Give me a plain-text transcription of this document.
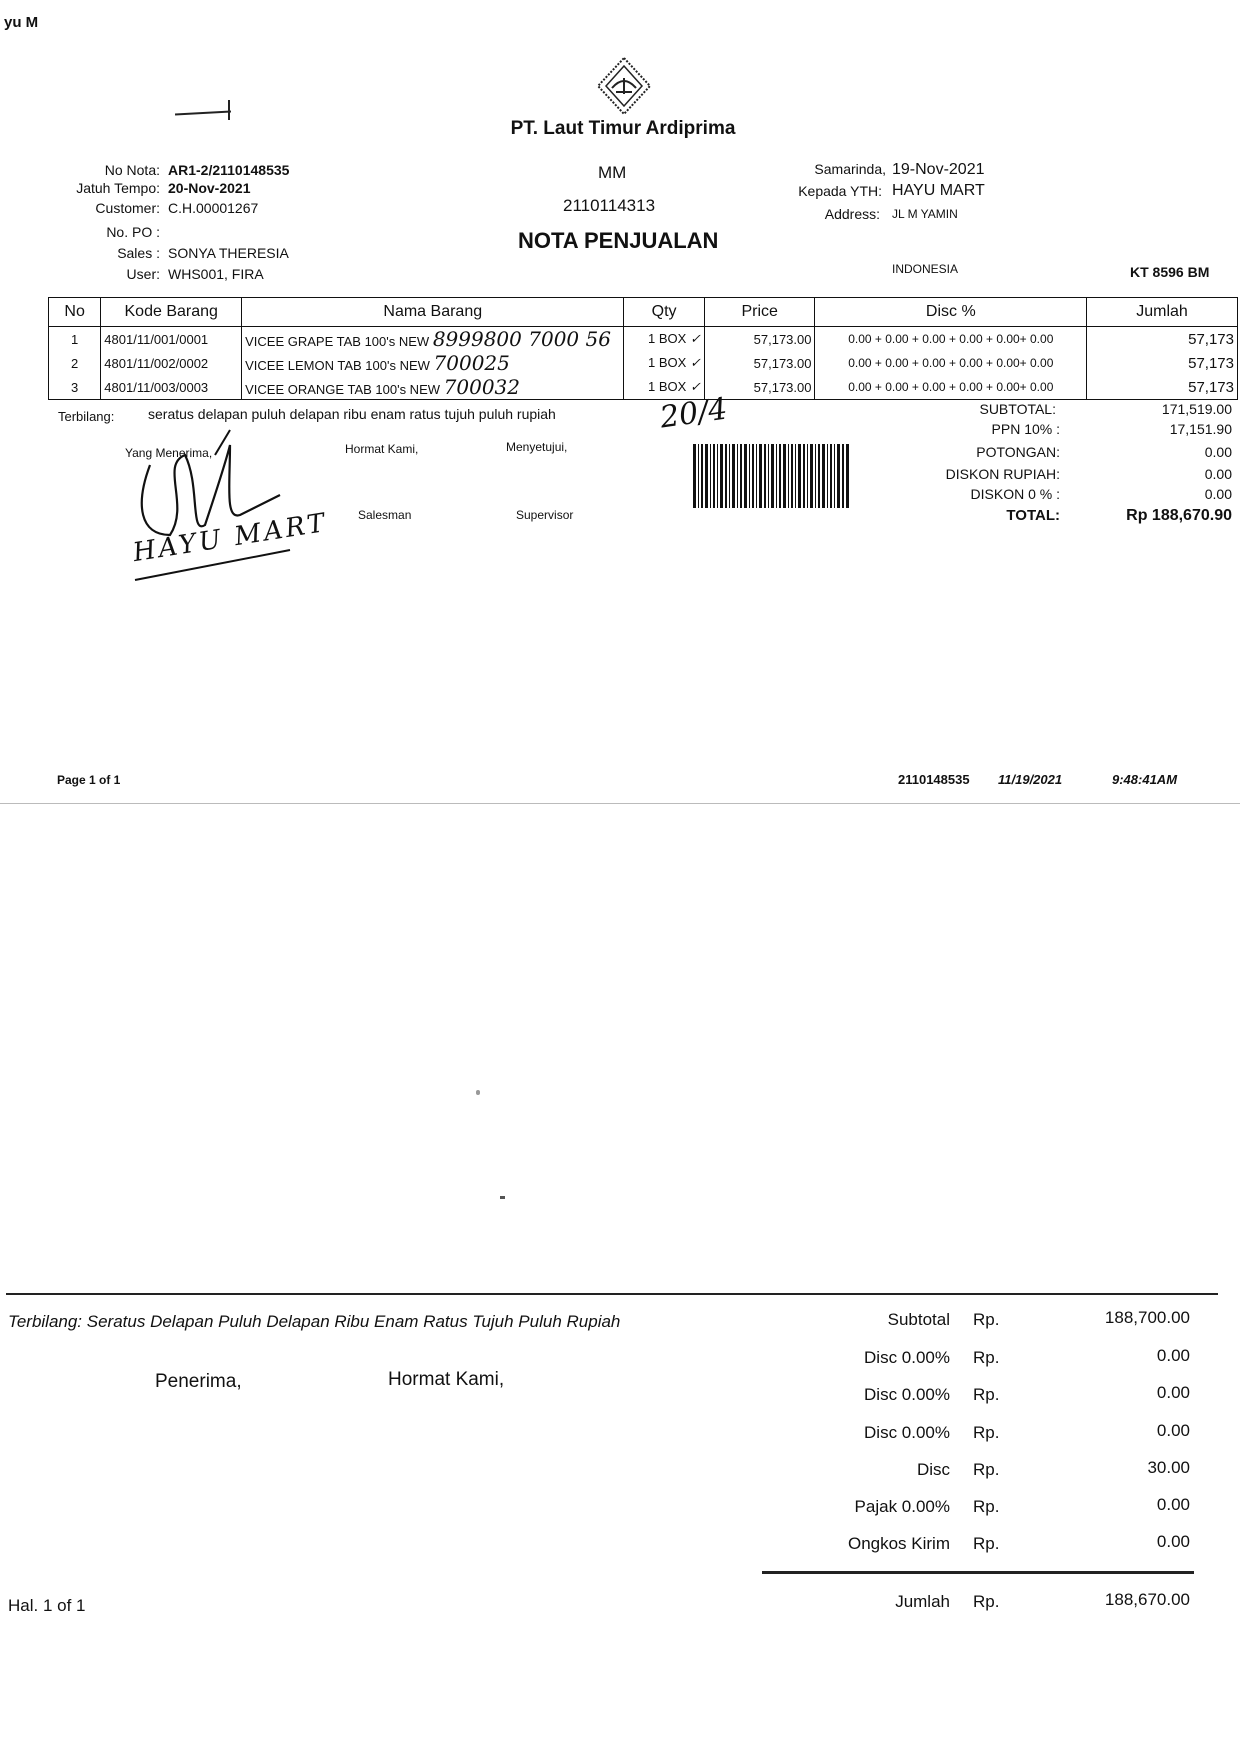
yu M
PT. Laut Timur Ardiprima
MM
2110114313
NOTA PENJUALAN
No Nota: AR1-2/2110148535
Jatuh Tempo: 20-Nov-2021
Customer: C.H.00001267
No. PO :
Sales : SONYA THERESIA
User: WHS001, FIRA
Samarinda, 19-Nov-2021
Kepada YTH: HAYU MART
Address: JL M YAMIN
INDONESIA	KT 8596 BM
No	Kode Barang	Nama Barang	Qty	Price	Disc %	Jumlah
1	4801/11/001/0001	VICEE GRAPE TAB 100's NEW 8999800 7000 56	1 BOX ✓	57,173.00	0.00 + 0.00 + 0.00 + 0.00 + 0.00+ 0.00	57,173
2	4801/11/002/0002	VICEE LEMON TAB 100's NEW 700025	1 BOX ✓	57,173.00	0.00 + 0.00 + 0.00 + 0.00 + 0.00+ 0.00	57,173
3	4801/11/003/0003	VICEE ORANGE TAB 100's NEW 700032	1 BOX ✓	57,173.00	0.00 + 0.00 + 0.00 + 0.00 + 0.00+ 0.00	57,173
Terbilang: seratus delapan puluh delapan ribu enam ratus tujuh puluh rupiah	20/4
Yang Menerima,	Hormat Kami,	Menyetujui,
Salesman	Supervisor
HAYU MART
SUBTOTAL:	171,519.00
PPN 10% :	17,151.90
POTONGAN:	0.00
DISKON RUPIAH:	0.00
DISKON 0 % :	0.00
TOTAL:	Rp 188,670.90
Page 1 of 1	2110148535 11/19/2021	9:48:41AM
Terbilang: Seratus Delapan Puluh Delapan Ribu Enam Ratus Tujuh Puluh Rupiah
Penerima,	Hormat Kami,
Subtotal Rp.	188,700.00
Disc 0.00% Rp.	0.00
Disc 0.00% Rp.	0.00
Disc 0.00% Rp.	0.00
Disc Rp.	30.00
Pajak 0.00% Rp.	0.00
Ongkos Kirim Rp.	0.00
Jumlah Rp.	188,670.00
Hal. 1 of 1
